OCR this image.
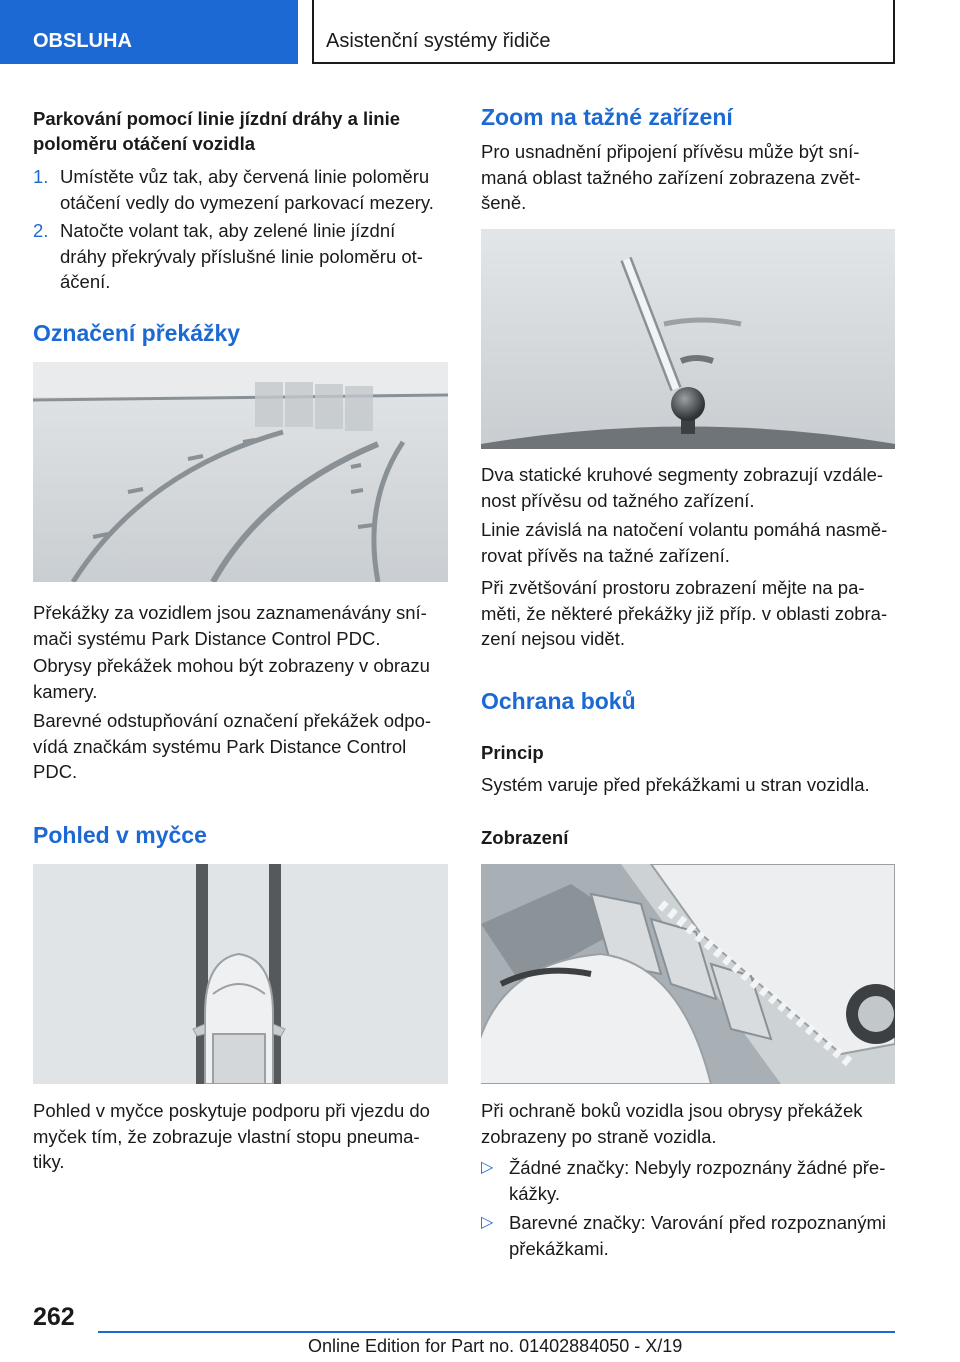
OBSLUHA	Asistenční systémy řidiče
Parkování pomocí linie jízdní dráhy a linie
poloměru otáčení vozidla
1. Umístěte vůz tak, aby červená linie poloměru
otáčení vedly do vymezení parkovací mezery.
2. Natočte volant tak, aby zelené linie jízdní
dráhy překrývaly příslušné linie poloměru ot-
áčení.
Označení překážky
Překážky za vozidlem jsou zaznamenávány sní-
mači systému Park Distance Control PDC.
Obrysy překážek mohou být zobrazeny v obrazu
kamery.
Barevné odstupňování označení překážek odpo-
vídá značkám systému Park Distance Control
PDC.
Pohled v myčce
Pohled v myčce poskytuje podporu při vjezdu do
myček tím, že zobrazuje vlastní stopu pneuma-
tiky.
Zoom na tažné zařízení
Pro usnadnění připojení přívěsu může být sní-
maná oblast tažného zařízení zobrazena zvět-
šeně.
Dva statické kruhové segmenty zobrazují vzdále-
nost přívěsu od tažného zařízení.
Linie závislá na natočení volantu pomáhá nasmě-
rovat přívěs na tažné zařízení.
Při zvětšování prostoru zobrazení mějte na pa-
měti, že některé překážky již příp. v oblasti zobra-
zení nejsou vidět.
Ochrana boků
Princip
Systém varuje před překážkami u stran vozidla.
Zobrazení
Při ochraně boků vozidla jsou obrysy překážek
zobrazeny po straně vozidla.
▷ Žádné značky: Nebyly rozpoznány žádné pře-
kážky.
▷ Barevné značky: Varování před rozpoznanými
překážkami.
262
Online Edition for Part no. 01402884050 - X/19
